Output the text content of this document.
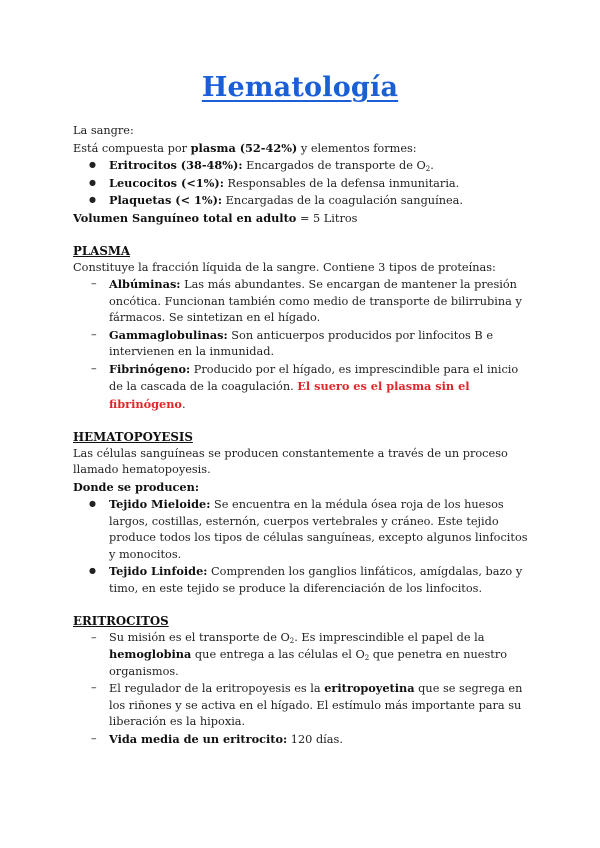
Hematología

La sangre:

Está compuesta por plasma (52-42%) y elementos formes:

● Eritrocitos (38-48%): Encargados de transporte de $O_2$.
● Leucocitos (<1%): Responsables de la defensa inmunitaria.
● Plaquetas (< 1%): Encargadas de la coagulación sanguínea.

Volumen Sanguíneo total en adulto = 5 Litros

PLASMA

Constituye la fracción líquida de la sangre. Contiene 3 tipos de proteínas:

– Albúminas: Las más abundantes. Se encargan de mantener la presión oncótica. Funcionan también como medio de transporte de bilirrubina y fármacos. Se sintetizan en el hígado.
– Gammaglobulinas: Son anticuerpos producidos por linfocitos B e intervienen en la inmunidad.
– Fibrinógeno: Producido por el hígado, es imprescindible para el inicio de la cascada de la coagulación. El suero es el plasma sin el fibrinógeno.

HEMATOPOYESIS

Las células sanguíneas se producen constantemente a través de un proceso llamado hematopoyesis.

Donde se producen:

● Tejido Mieloide: Se encuentra en la médula ósea roja de los huesos largos, costillas, esternón, cuerpos vertebrales y cráneo. Este tejido produce todos los tipos de células sanguíneas, excepto algunos linfocitos y monocitos.
● Tejido Linfoide: Comprenden los ganglios linfáticos, amígdalas, bazo y timo, en este tejido se produce la diferenciación de los linfocitos.

ERITROCITOS

– Su misión es el transporte de $O_2$. Es imprescindible el papel de la hemoglobina que entrega a las células el $O_2$ que penetra en nuestro organismos.
– El regulador de la eritropoyesis es la eritropoyetina que se segrega en los riñones y se activa en el hígado. El estímulo más importante para su liberación es la hipoxia.
– Vida media de un eritrocito: 120 días.
